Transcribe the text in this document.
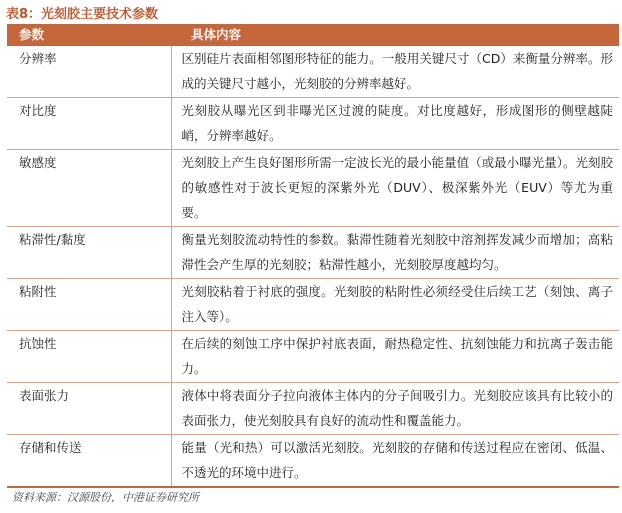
表8：光刻胶主要技术参数
参数	具体内容
分辨率	区别硅片表面相邻图形特征的能力。一般用关键尺寸（CD）来衡量分辨率。形成的关键尺寸越小，光刻胶的分辨率越好。
对比度	光刻胶从曝光区到非曝光区过渡的陡度。对比度越好，形成图形的侧壁越陡峭，分辨率越好。
敏感度	光刻胶上产生良好图形所需一定波长光的最小能量值（或最小曝光量）。光刻胶的敏感性对于波长更短的深紫外光（DUV）、极深紫外光（EUV）等尤为重要。
粘滞性/黏度	衡量光刻胶流动特性的参数。黏滞性随着光刻胶中溶剂挥发减少而增加；高粘滞性会产生厚的光刻胶；粘滞性越小，光刻胶厚度越均匀。
粘附性	光刻胶粘着于衬底的强度。光刻胶的粘附性必须经受住后续工艺（刻蚀、离子注入等）。
抗蚀性	在后续的刻蚀工序中保护衬底表面，耐热稳定性、抗刻蚀能力和抗离子轰击能力。
表面张力	液体中将表面分子拉向液体主体内的分子间吸引力。光刻胶应该具有比较小的表面张力，使光刻胶具有良好的流动性和覆盖能力。
存储和传送	能量（光和热）可以激活光刻胶。光刻胶的存储和传送过程应在密闭、低温、不透光的环境中进行。
资料来源：汉源股份，中港证券研究所
